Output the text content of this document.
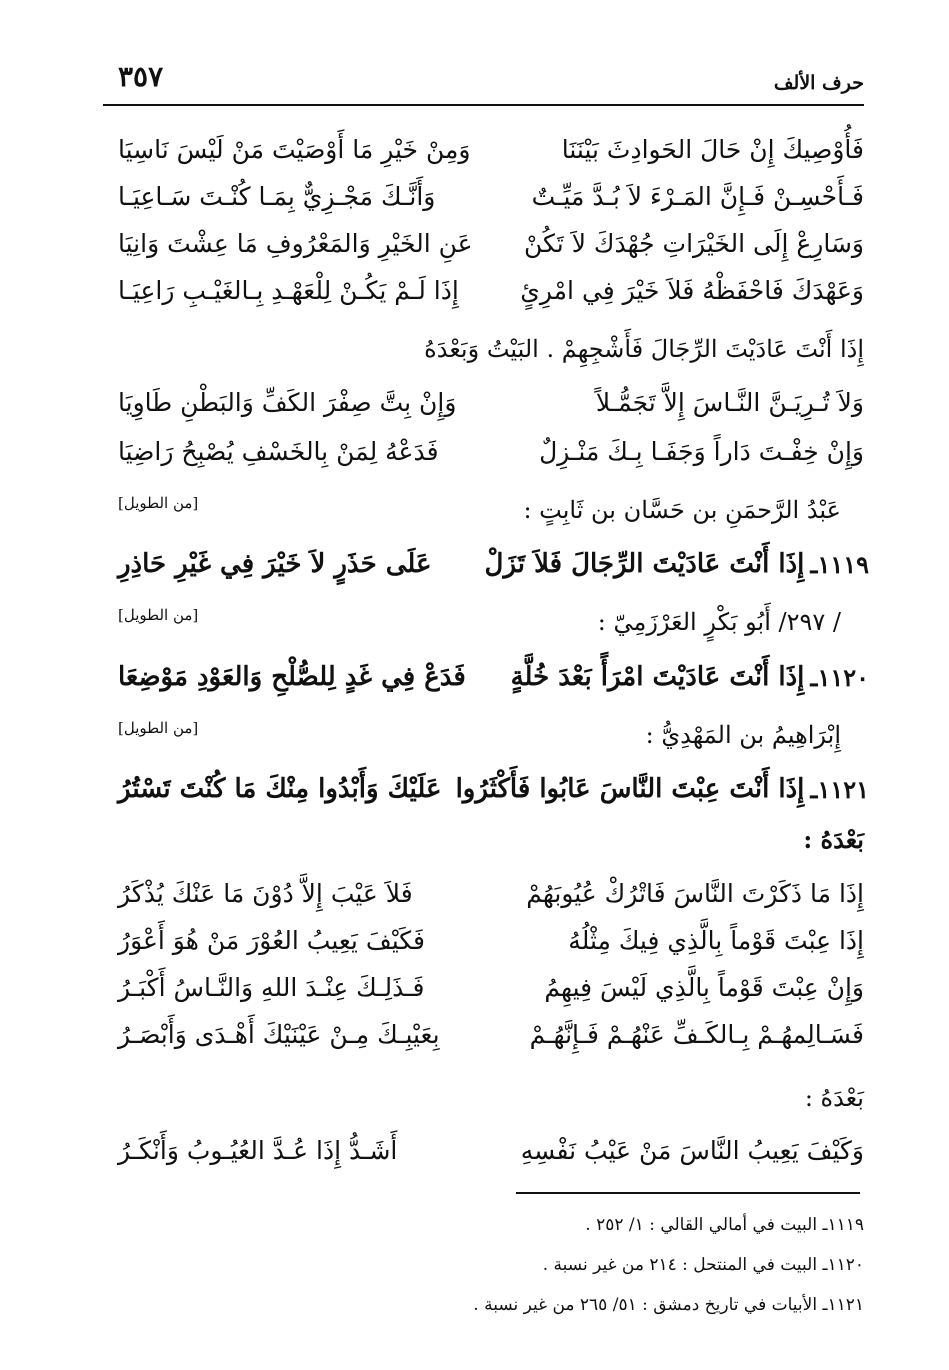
حرف الألف
٣٥٧
فَأُوْصِيكَ إِنْ حَالَ الحَوادِثَ بَيْنَنَا
وَمِنْ خَيْرِ مَا أَوْصَيْتَ مَنْ لَيْسَ نَاسِيَا
فَـأَحْسِـنْ فَـإِنَّ المَـرْءَ لاَ بُـدَّ مَيِّـتٌ
وَأَنَّـكَ مَجْـزِيٌّ بِمَـا كُنْـتَ سَـاعِيَـا
وَسَارِعْ إِلَى الخَيْرَاتِ جُهْدَكَ لاَ تَكُنْ
عَنِ الخَيْرِ وَالمَعْرُوفِ مَا عِشْتَ وَانِيَا
وَعَهْدَكَ فَاحْفَظْهُ فَلاَ خَيْرَ فِي امْرِئٍ
إِذَا لَـمْ يَكُـنْ لِلْعَهْـدِ بِـالغَيْـبِ رَاعِيَـا
إِذَا أَنْتَ عَادَيْتَ الرِّجَالَ فَأَشْجِهِمْ . البَيْتُ وَبَعْدَهُ
وَلاَ تُـرِيَـنَّ النَّـاسَ إِلاَّ تَجَمُّـلاً
وَإِنْ بِتَّ صِفْرَ الكَفِّ وَالبَطْنِ طَاوِيَا
وَإِنْ خِفْـتَ دَاراً وَجَفَـا بِـكَ مَنْـزِلٌ
فَدَعْهُ لِمَنْ بِالخَسْفِ يُصْبِحُ رَاضِيَا
عَبْدُ الرَّحمَنِ بن حَسَّان بن ثَابِتٍ :
[من الطويل]
١١١٩ـ
إِذَا أَنْتَ عَادَيْتَ الرِّجَالَ فَلاَ تَزَلْ
عَلَى حَذَرٍ لاَ خَيْرَ فِي غَيْرِ حَاذِرِ
/ ٢٩٧/ أَبُو بَكْرٍ العَرْزَمِيّ :
[من الطويل]
١١٢٠ـ
إِذَا أَنْتَ عَادَيْتَ امْرَأً بَعْدَ خُلَّةٍ
فَدَعْ فِي غَدٍ لِلصُّلْحِ وَالعَوْدِ مَوْضِعَا
إِبْرَاهِيمُ بن المَهْدِيُّ :
[من الطويل]
١١٢١ـ
إِذَا أَنْتَ عِبْتَ النَّاسَ عَابُوا فَأَكْثَرُوا
عَلَيْكَ وَأَبْدُوا مِنْكَ مَا كُنْتَ تَسْتُرُ
بَعْدَهُ :
إِذَا مَا ذَكَرْتَ النَّاسَ فَاتْرُكْ عُيُوبَهُمْ
فَلاَ عَيْبَ إِلاَّ دُوْنَ مَا عَنْكَ يُذْكَرُ
إِذَا عِبْتَ قَوْماً بِالَّذِي فِيكَ مِثْلُهُ
فَكَيْفَ يَعِيبُ العُوْرَ مَنْ هُوَ أَعْوَرُ
وَإِنْ عِبْتَ قَوْماً بِالَّذِي لَيْسَ فِيهِمُ
فَـذَلِـكَ عِنْـدَ اللهِ وَالنَّـاسُ أَكْبَـرُ
فَسَـالِمهُـمْ بِـالكَـفِّ عَنْهُـمْ فَـإِنَّهُـمْ
بِعَيْبِـكَ مِـنْ عَيْنَيْكَ أَهْـدَى وَأَبْصَـرُ
بَعْدَهُ :
وَكَيْفَ يَعِيبُ النَّاسَ مَنْ عَيْبُ نَفْسِهِ
أَشَـدُّ إِذَا عُـدَّ العُيُـوبُ وَأَنْكَـرُ
١١١٩ـ البيت في أمالي القالي : ١/ ٢٥٢ .
١١٢٠ـ البيت في المنتحل : ٢١٤ من غير نسبة .
١١٢١ـ الأبيات في تاريخ دمشق : ٥١/ ٢٦٥ من غير نسبة .
